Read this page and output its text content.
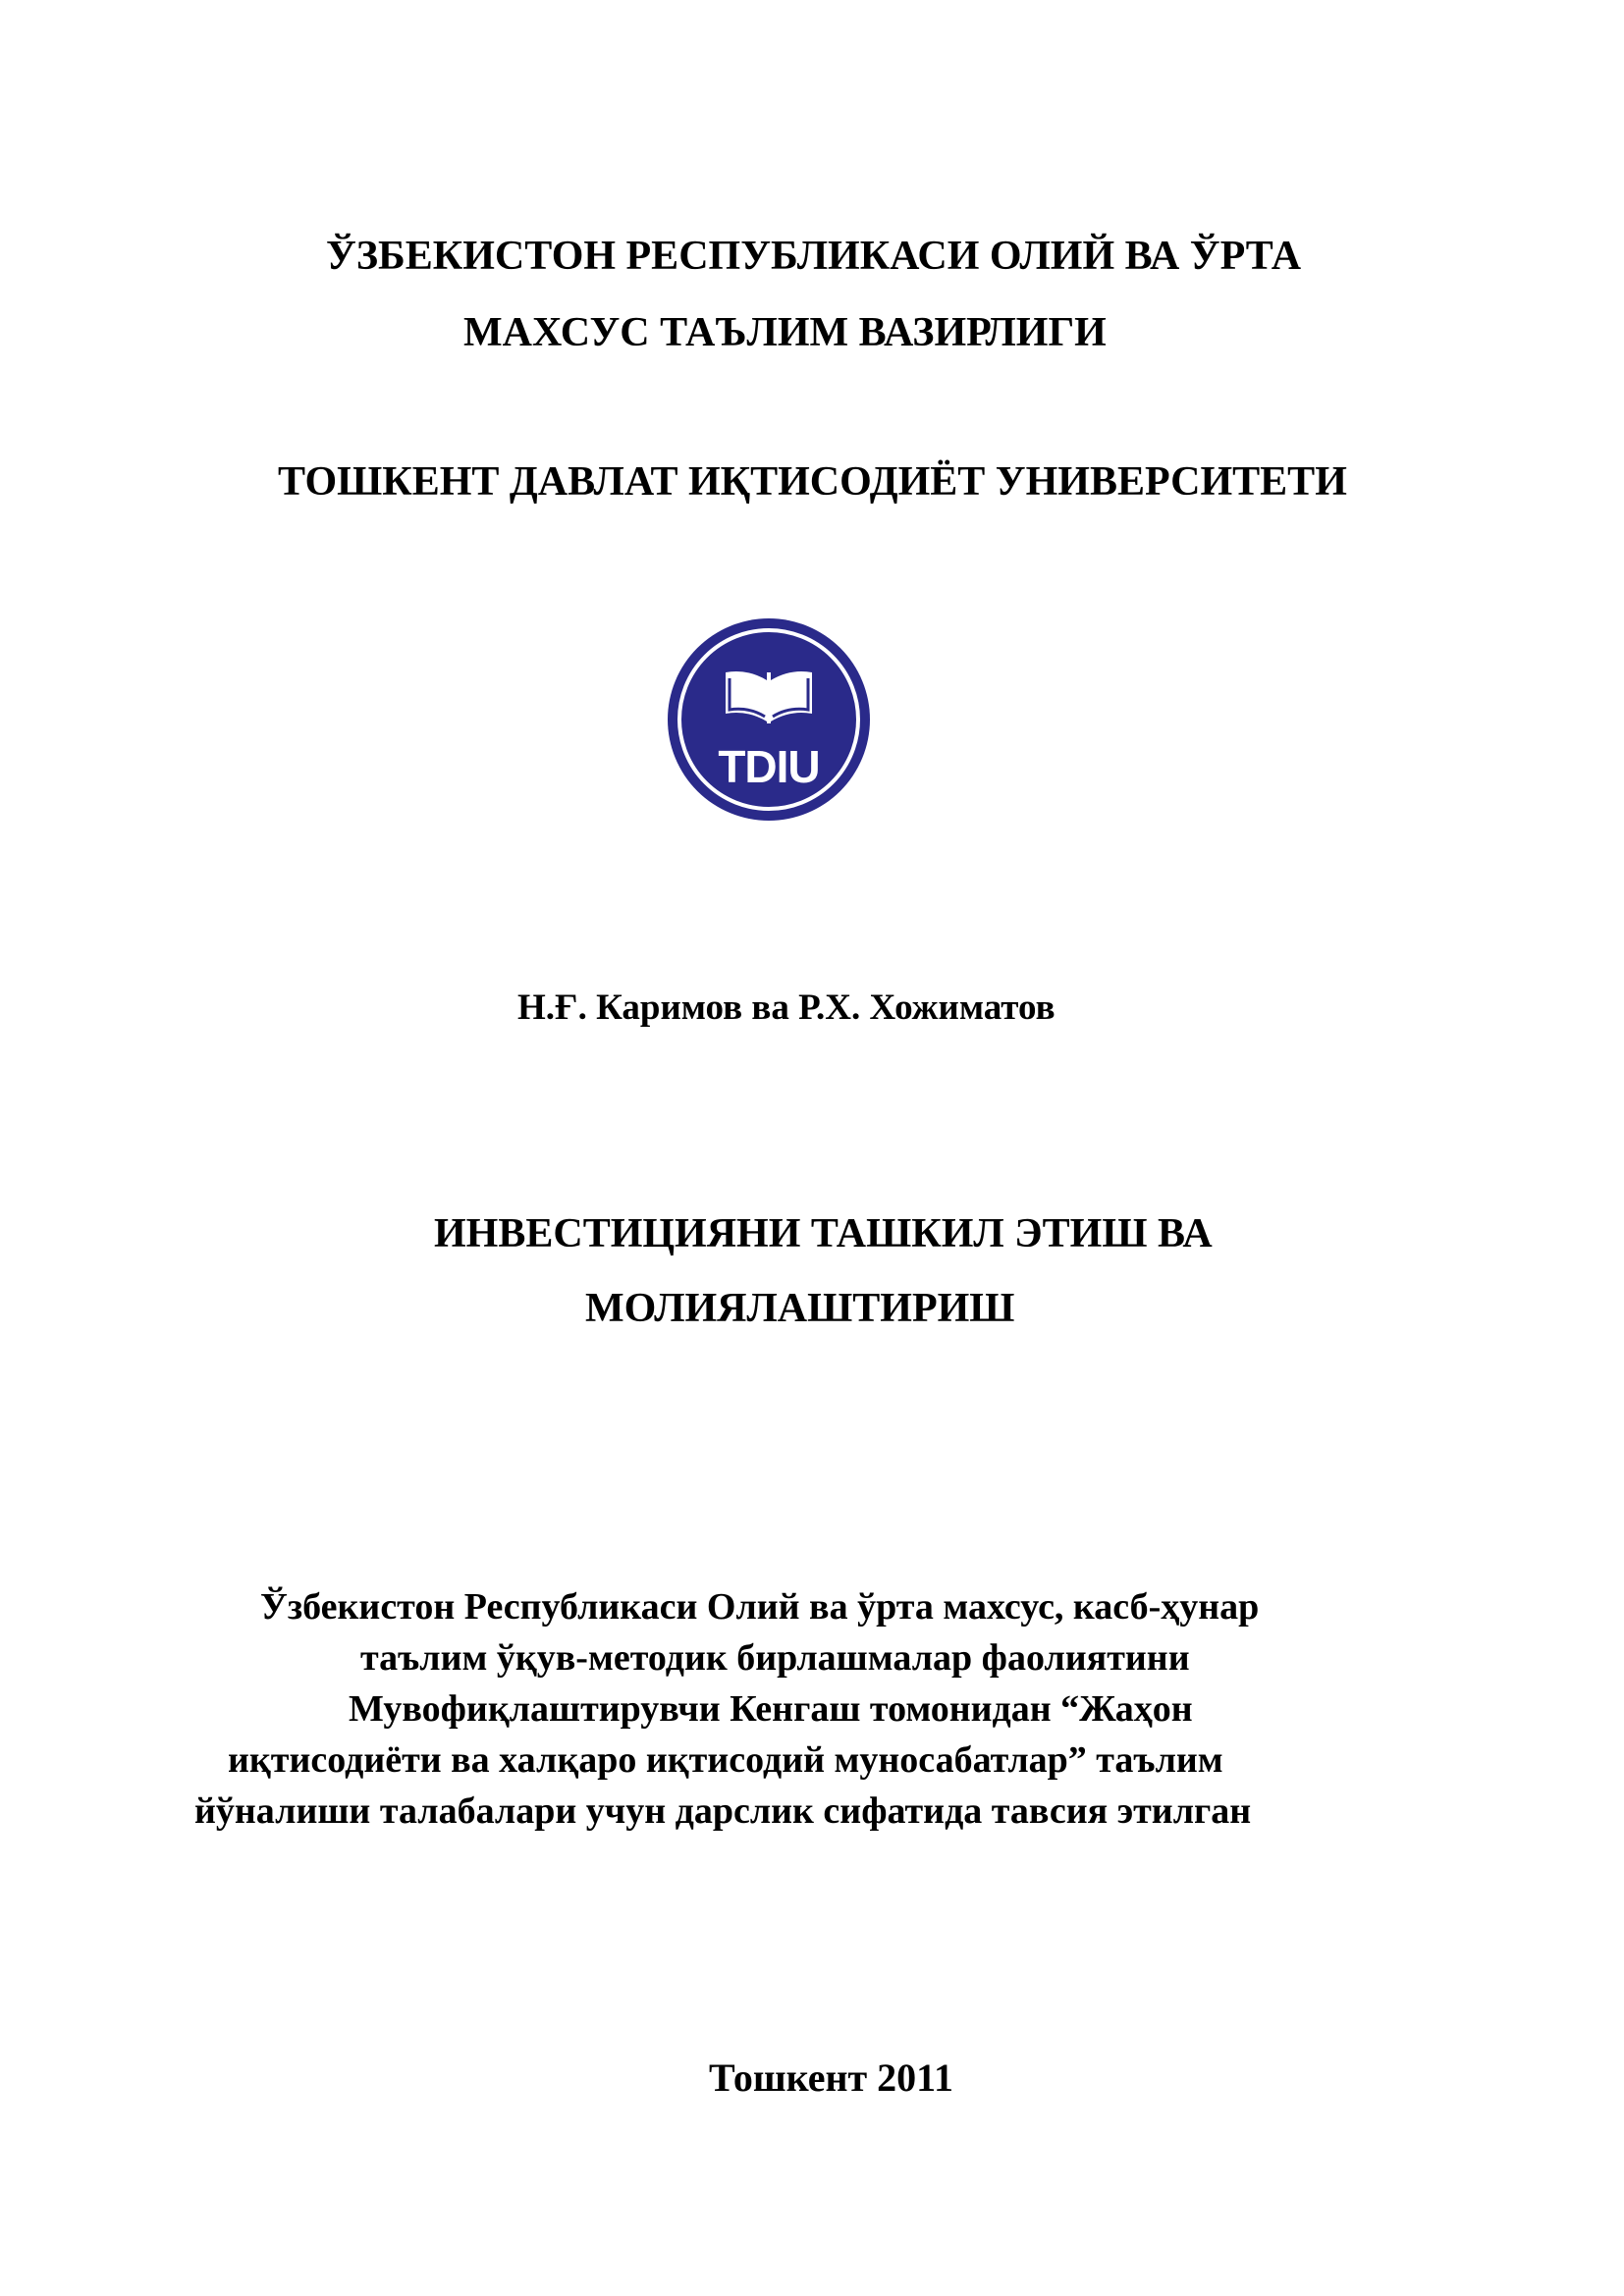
ЎЗБЕКИСТОН РЕСПУБЛИКАСИ ОЛИЙ ВА ЎРТА

МАХСУС ТАЪЛИМ ВАЗИРЛИГИ

ТОШКЕНТ ДАВЛАТ ИҚТИСОДИЁТ УНИВЕРСИТЕТИ

TDIU

Н.Ғ. Каримов ва Р.Х. Хожиматов

ИНВЕСТИЦИЯНИ ТАШКИЛ ЭТИШ ВА

МОЛИЯЛАШТИРИШ

Ўзбекистон Республикаси Олий ва ўрта махсус, касб-ҳунар

таълим ўқув-методик бирлашмалар фаолиятини

Мувофиқлаштирувчи Кенгаш томонидан “Жаҳон

иқтисодиёти ва халқаро иқтисодий муносабатлар” таълим

йўналиши талабалари учун дарслик сифатида тавсия этилган

Тошкент 2011
